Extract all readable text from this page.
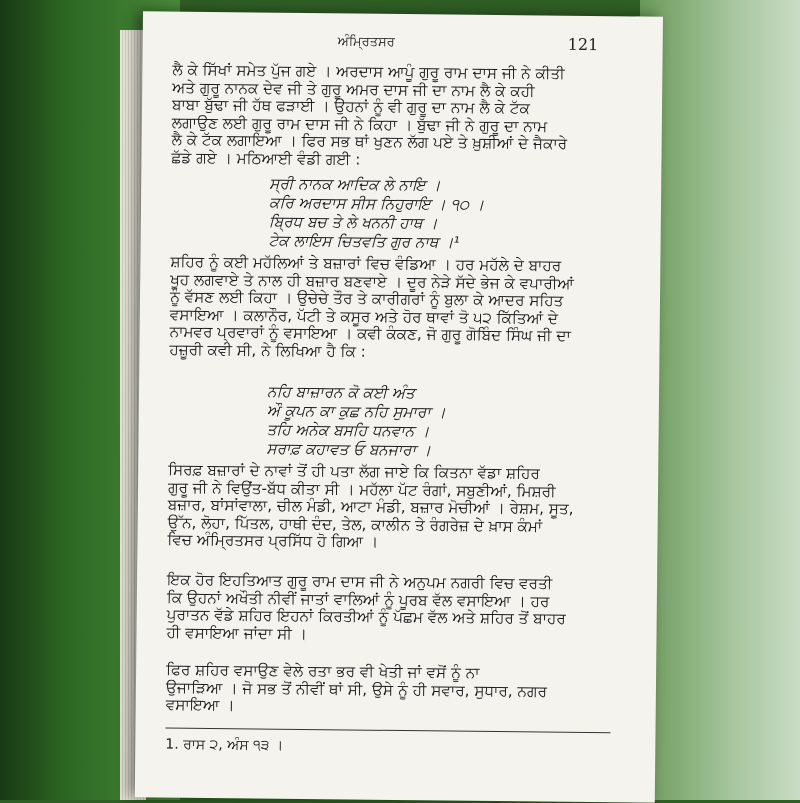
ਅੰਮ੍ਰਿਤਸਰ	121
ਲੈ ਕੇ ਸਿੱਖਾਂ ਸਮੇਤ ਪੁੱਜ ਗਏ । ਅਰਦਾਸ ਆਪੂੰ ਗੁਰੂ ਰਾਮ ਦਾਸ ਜੀ ਨੇ ਕੀਤੀ
ਅਤੇ ਗੁਰੂ ਨਾਨਕ ਦੇਵ ਜੀ ਤੇ ਗੁਰੂ ਅਮਰ ਦਾਸ ਜੀ ਦਾ ਨਾਮ ਲੈ ਕੇ ਕਹੀ
ਬਾਬਾ ਬੁੱਢਾ ਜੀ ਹੱਥ ਫੜਾਈ । ਉਹਨਾਂ ਨੂੰ ਵੀ ਗੁਰੂ ਦਾ ਨਾਮ ਲੈ ਕੇ ਟੱਕ
ਲਗਾਉਣ ਲਈ ਗੁਰੂ ਰਾਮ ਦਾਸ ਜੀ ਨੇ ਕਿਹਾ । ਬੁੱਢਾ ਜੀ ਨੇ ਗੁਰੂ ਦਾ ਨਾਮ
ਲੈ ਕੇ ਟੱਕ ਲਗਾਇਆ । ਫਿਰ ਸਭ ਥਾਂ ਖੁਣਨ ਲੱਗ ਪਏ ਤੇ ਖ਼ੁਸ਼ੀਆਂ ਦੇ ਜੈਕਾਰੇ
ਛੱਡੇ ਗਏ । ਮਠਿਆਈ ਵੰਡੀ ਗਈ :
ਸ੍ਰੀ ਨਾਨਕ ਆਦਿਕ ਲੇ ਨਾਇ ।
ਕਰਿ ਅਰਦਾਸ ਸੀਸ ਨਿਹੁਰਾਇ । ੧੦ ।
ਬ੍ਰਿਧ ਬਚ ਤੇ ਲੇ ਖਨਨੀ ਹਾਥ ।
ਟੇਕ ਲਾਇਸ ਚਿਤਵਤਿ ਗੁਰ ਨਾਥ ।¹
ਸ਼ਹਿਰ ਨੂੰ ਕਈ ਮਹੱਲਿਆਂ ਤੇ ਬਜ਼ਾਰਾਂ ਵਿਚ ਵੰਡਿਆ । ਹਰ ਮਹੱਲੇ ਦੇ ਬਾਹਰ
ਖੂਹ ਲਗਵਾਏ ਤੇ ਨਾਲ ਹੀ ਬਜ਼ਾਰ ਬਣਵਾਏ । ਦੂਰ ਨੇੜੇ ਸੱਦੇ ਭੇਜ ਕੇ ਵਪਾਰੀਆਂ
ਨੂੰ ਵੱਸਣ ਲਈ ਕਿਹਾ । ਉਚੇਚੇ ਤੌਰ ਤੇ ਕਾਰੀਗਰਾਂ ਨੂੰ ਬੁਲਾ ਕੇ ਆਦਰ ਸਹਿਤ
ਵਸਾਇਆ । ਕਲਾਨੌਰ, ਪੱਟੀ ਤੇ ਕਸੂਰ ਅਤੇ ਹੋਰ ਥਾਵਾਂ ਤੋ ੫੨ ਕਿੱਤਿਆਂ ਦੇ
ਨਾਮਵਰ ਪ੍ਰਵਾਰਾਂ ਨੂੰ ਵਸਾਇਆ । ਕਵੀ ਕੰਕਣ, ਜੋ ਗੁਰੂ ਗੋਬਿੰਦ ਸਿੰਘ ਜੀ ਦਾ
ਹਜ਼ੂਰੀ ਕਵੀ ਸੀ, ਨੇ ਲਿਖਿਆ ਹੈ ਕਿ :
ਨਹਿ ਬਾਜ਼ਾਰਨ ਕੋ ਕਈ ਅੰਤ
ਔ ਕੂਪਨ ਕਾ ਕੁਛ ਨਹਿ ਸੁਮਾਰਾ ।
ਤਹਿ ਅਨੇਕ ਬਸਹਿ ਧਨਵਾਨ ।
ਸਰਾਫ਼ ਕਹਾਵਤ ਓ ਬਨਜਾਰਾ ।
ਸਿਰਫ਼ ਬਜ਼ਾਰਾਂ ਦੇ ਨਾਵਾਂ ਤੋਂ ਹੀ ਪਤਾ ਲੱਗ ਜਾਏ ਕਿ ਕਿਤਨਾ ਵੱਡਾ ਸ਼ਹਿਰ
ਗੁਰੂ ਜੀ ਨੇ ਵਿਉਂਤ-ਬੱਧ ਕੀਤਾ ਸੀ । ਮਹੱਲਾ ਪੱਟ ਰੰਗਾਂ, ਸਬੁਣੀਆਂ, ਮਿਸ਼ਰੀ
ਬਜ਼ਾਰ, ਬਾਂਸਾਂਵਾਲਾ, ਚੀਲ ਮੰਡੀ, ਆਟਾ ਮੰਡੀ, ਬਜ਼ਾਰ ਮੋਚੀਆਂ । ਰੇਸ਼ਮ, ਸੂਤ,
ਉੱਨ, ਲੋਹਾ, ਪਿੱਤਲ, ਹਾਥੀ ਦੰਦ, ਤੇਲ, ਕਾਲੀਨ ਤੇ ਰੰਗਰੇਜ਼ ਦੇ ਖ਼ਾਸ ਕੰਮਾਂ
ਵਿਚ ਅੰਮ੍ਰਿਤਸਰ ਪ੍ਰਸਿੱਧ ਹੋ ਗਿਆ ।
ਇਕ ਹੋਰ ਇਹਤਿਆਤ ਗੁਰੂ ਰਾਮ ਦਾਸ ਜੀ ਨੇ ਅਨੁਪਮ ਨਗਰੀ ਵਿਚ ਵਰਤੀ
ਕਿ ਉਹਨਾਂ ਅਖੌਤੀ ਨੀਵੀਂ ਜਾਤਾਂ ਵਾਲਿਆਂ ਨੂੰ ਪੂਰਬ ਵੱਲ ਵਸਾਇਆ । ਹਰ
ਪੁਰਾਤਨ ਵੱਡੇ ਸ਼ਹਿਰ ਇਹਨਾਂ ਕਿਰਤੀਆਂ ਨੂੰ ਪੱਛਮ ਵੱਲ ਅਤੇ ਸ਼ਹਿਰ ਤੋਂ ਬਾਹਰ
ਹੀ ਵਸਾਇਆ ਜਾਂਦਾ ਸੀ ।
ਫਿਰ ਸ਼ਹਿਰ ਵਸਾਉਣ ਵੇਲੇ ਰਤਾ ਭਰ ਵੀ ਖੇਤੀ ਜਾਂ ਵਸੋਂ ਨੂੰ ਨਾ
ਉਜਾੜਿਆ । ਜੋ ਸਭ ਤੋਂ ਨੀਵੀਂ ਥਾਂ ਸੀ, ਉਸੇ ਨੂੰ ਹੀ ਸਵਾਰ, ਸੁਧਾਰ, ਨਗਰ
ਵਸਾਇਆ ।
1. ਰਾਸ ੨, ਅੰਸ ੧੩ ।
